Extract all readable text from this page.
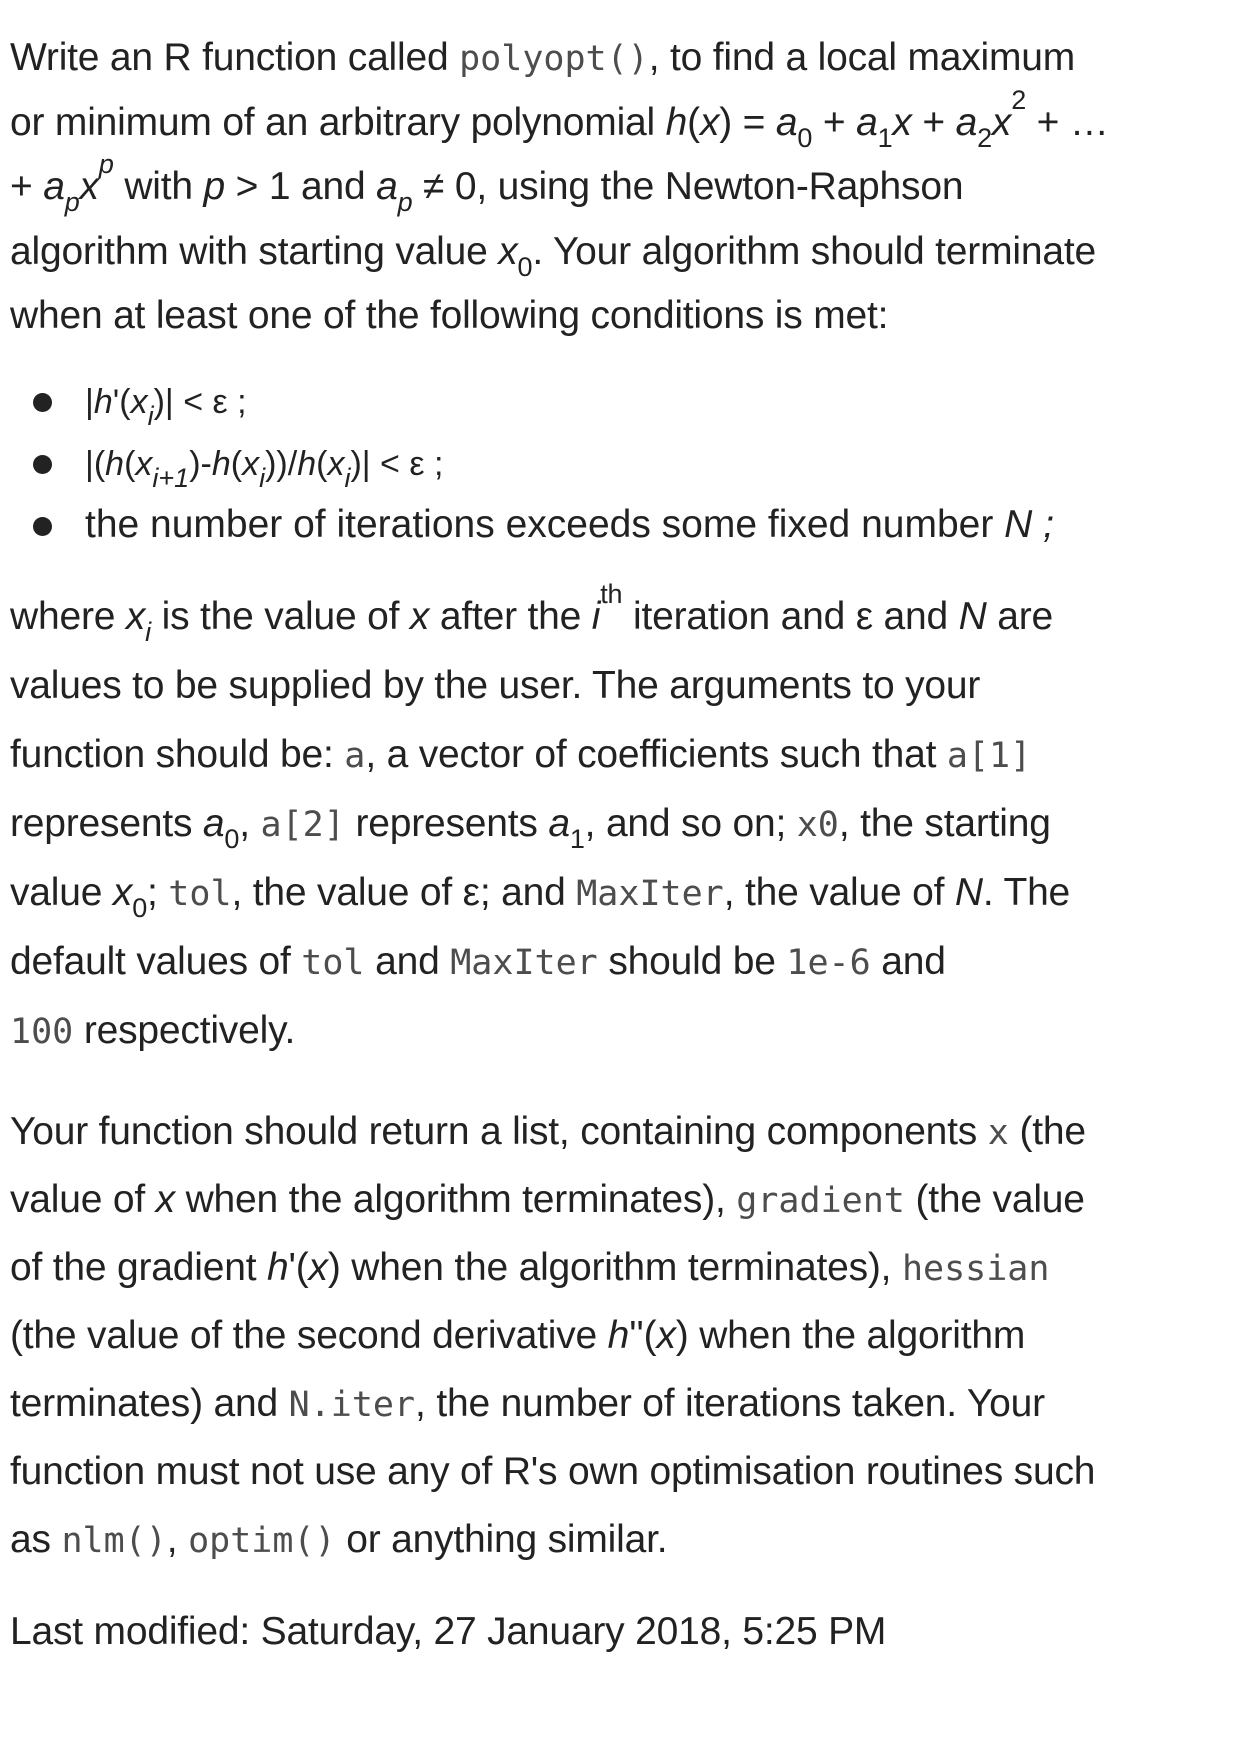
Write an R function called polyopt(), to find a local maximum
or minimum of an arbitrary polynomial $h(x) = a_0 + a_1x + a_2x^2$ + …
+ $a_px^p$ with p > 1 and $a_p \ne 0$, using the Newton-Raphson
algorithm with starting value $x_0$. Your algorithm should terminate
when at least one of the following conditions is met:

$|h'(x_i)| < \varepsilon$ ;
$|(h(x_{i+1})-h(x_i))/h(x_i)| < \varepsilon$ ;
the number of iterations exceeds some fixed number N ;

where $x_i$ is the value of x after the $i^{th}$ iteration and ε and N are
values to be supplied by the user. The arguments to your
function should be: a, a vector of coefficients such that a[1]
represents $a_0$, a[2] represents $a_1$, and so on; x0, the starting
value $x_0$; tol, the value of ε; and MaxIter, the value of N. The
default values of tol and MaxIter should be 1e-6 and
100 respectively.

Your function should return a list, containing components x (the
value of x when the algorithm terminates), gradient (the value
of the gradient h'(x) when the algorithm terminates), hessian
(the value of the second derivative h''(x) when the algorithm
terminates) and N.iter, the number of iterations taken. Your
function must not use any of R's own optimisation routines such
as nlm(), optim() or anything similar.

Last modified: Saturday, 27 January 2018, 5:25 PM
